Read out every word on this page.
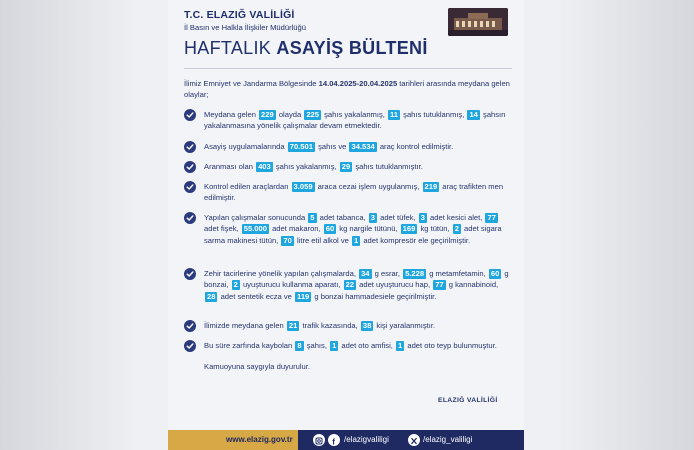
T.C. ELAZIĞ VALİLİĞİ
İl Basın ve Halkla İlişkiler Müdürlüğü
HAFTALIK ASAYİŞ BÜLTENİ
İlimiz Emniyet ve Jandarma Bölgesinde 14.04.2025-20.04.2025 tarihleri arasında meydana gelen olaylar;
Meydana gelen 229 olayda 225 şahıs yakalanmış, 11 şahıs tutuklanmış, 14 şahsın yakalanmasına yönelik çalışmalar devam etmektedir.
Asayiş uygulamalarında 70.501 şahıs ve 34.534 araç kontrol edilmiştir.
Aranması olan 403 şahıs yakalanmış, 29 şahıs tutuklanmıştır.
Kontrol edilen araçlardan 3.059 araca cezai işlem uygulanmış, 219 araç trafikten men edilmiştir.
Yapılan çalışmalar sonucunda 5 adet tabanca, 3 adet tüfek, 3 adet kesici alet, 77 adet fişek, 55.000 adet makaron, 60 kg nargile tütünü, 169 kg tütün, 2 adet sigara sarma makinesi tütün, 70 litre etil alkol ve 1 adet kompresör ele geçirilmiştir.
Zehir tacirlerine yönelik yapılan çalışmalarda, 34 g esrar, 5.228 g metamfetamin, 60 g bonzai, 2 uyuşturucu kullanma aparatı, 22 adet uyuşturucu hap, 77 g kannabinoid, 28 adet sentetik ecza ve 119 g bonzai hammadesiele geçirilmiştir.
İlimizde meydana gelen 21 trafik kazasında, 38 kişi yaralanmıştır.
Bu süre zarfında kaybolan 8 şahıs, 1 adet oto amfisi, 1 adet oto teyp bulunmuştur.
Kamuoyuna saygıyla duyurulur.
ELAZIĞ VALİLİĞİ
www.elazig.gov.tr	f /elazigvaliligi	/elazig_valiligi
